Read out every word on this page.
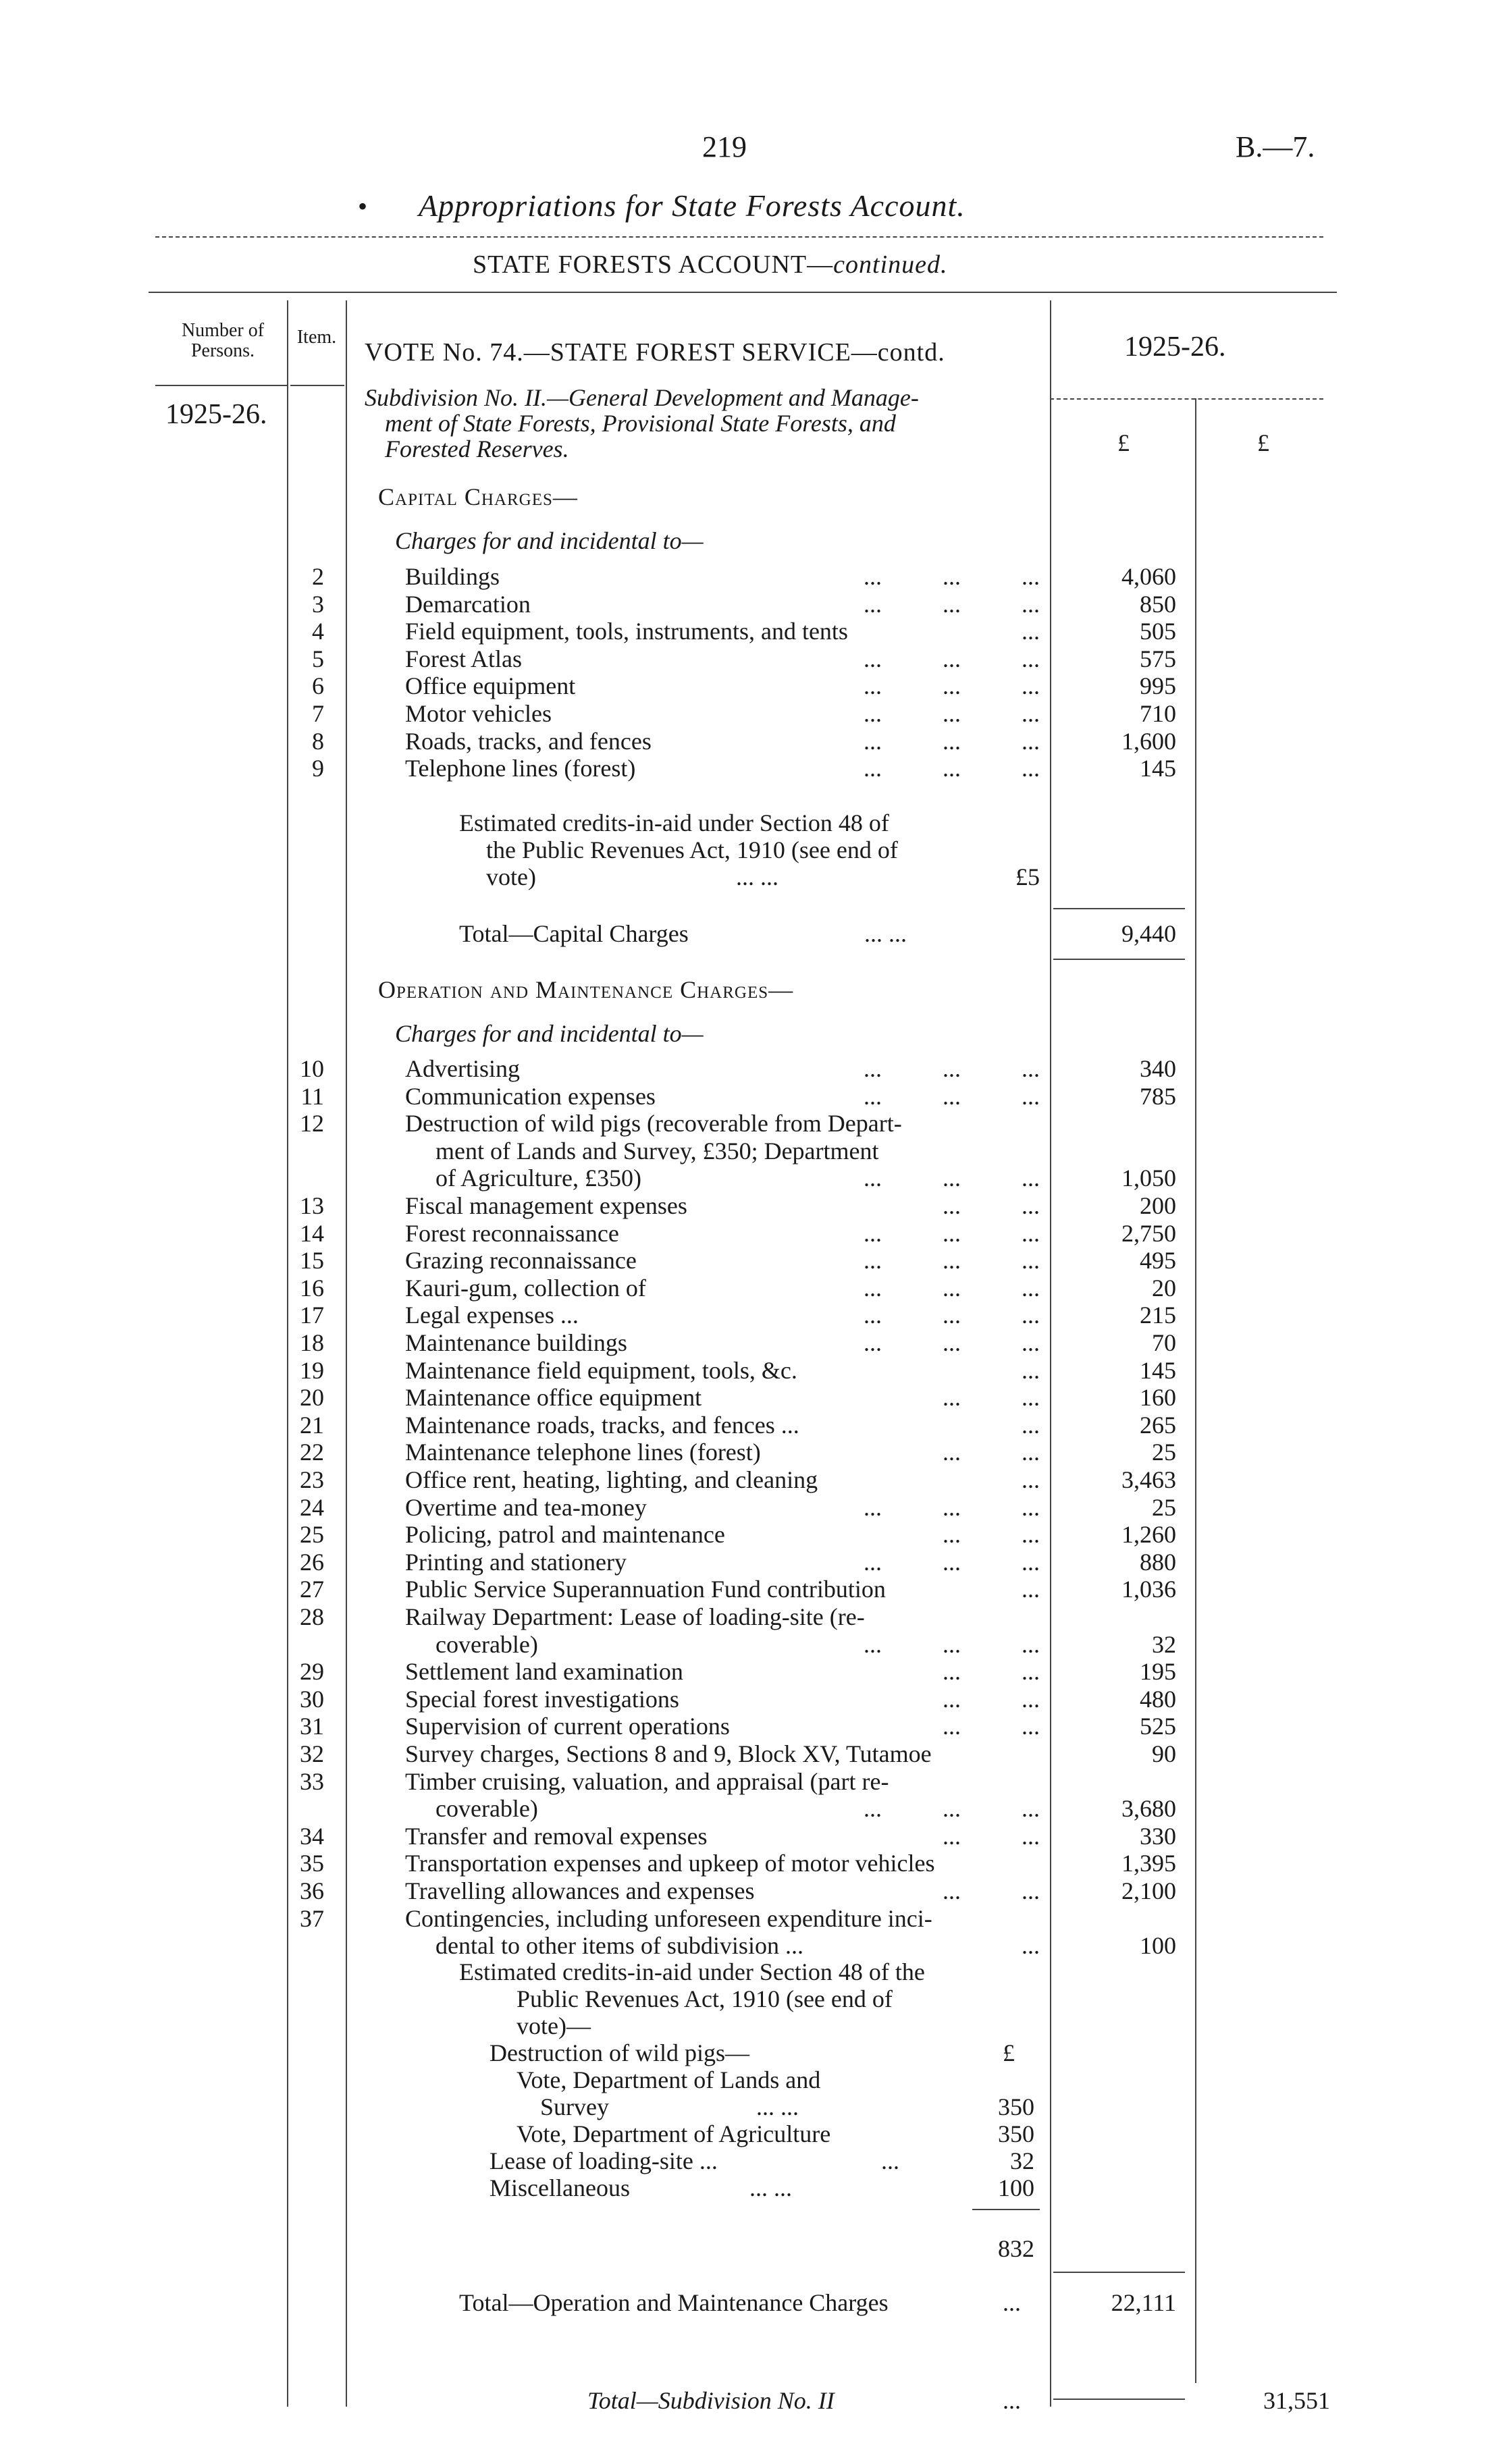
219	B.—7.
• Appropriations for State Forests Account.
STATE FORESTS ACCOUNT—continued.
Number of Persons.
Item.
1925-26.
VOTE No. 74.—STATE FOREST SERVICE—contd.	1925-26.
Subdivision No. II.—General Development and Manage-
ment of State Forests, Provisional State Forests, and
Forested Reserves.	£	£
Capital Charges—
Charges for and incidental to—
2	Buildings	...          ...          ...	4,060
3	Demarcation	...          ...          ...	850
4	Field equipment, tools, instruments, and tents	...	505
5	Forest Atlas	...          ...          ...	575
6	Office equipment	...          ...          ...	995
7	Motor vehicles	...          ...          ...	710
8	Roads, tracks, and fences	...          ...          ...	1,600
9	Telephone lines (forest)	...          ...          ...	145
Estimated credits-in-aid under Section 48 of
the Public Revenues Act, 1910 (see end of
vote)	... ...	£5
Total—Capital Charges	... ...	9,440
Operation and Maintenance Charges—
Charges for and incidental to—
10	Advertising	...          ...          ...	340
11	Communication expenses	...          ...          ...	785
12	Destruction of wild pigs (recoverable from Depart-
ment of Lands and Survey, £350; Department
of Agriculture, £350)	...          ...          ...	1,050
13	Fiscal management expenses	...          ...	200
14	Forest reconnaissance	...          ...          ...	2,750
15	Grazing reconnaissance	...          ...          ...	495
16	Kauri-gum, collection of	...          ...          ...	20
17	Legal expenses ...	...          ...          ...	215
18	Maintenance buildings	...          ...          ...	70
19	Maintenance field equipment, tools, &c.	...	145
20	Maintenance office equipment	...          ...	160
21	Maintenance roads, tracks, and fences ...	...	265
22	Maintenance telephone lines (forest)	...          ...	25
23	Office rent, heating, lighting, and cleaning	...	3,463
24	Overtime and tea-money	...          ...          ...	25
25	Policing, patrol and maintenance	...          ...	1,260
26	Printing and stationery	...          ...          ...	880
27	Public Service Superannuation Fund contribution	...	1,036
28	Railway Department: Lease of loading-site (re-
coverable)	...          ...          ...	32
29	Settlement land examination	...          ...	195
30	Special forest investigations	...          ...	480
31	Supervision of current operations	...          ...	525
32	Survey charges, Sections 8 and 9, Block XV, Tutamoe	90
33	Timber cruising, valuation, and appraisal (part re-
coverable)	...          ...          ...	3,680
34	Transfer and removal expenses	...          ...	330
35	Transportation expenses and upkeep of motor vehicles	1,395
36	Travelling allowances and expenses	...          ...	2,100
37	Contingencies, including unforeseen expenditure inci-
dental to other items of subdivision ...	...	100
Estimated credits-in-aid under Section 48 of the
Public Revenues Act, 1910 (see end of
vote)—
£
Destruction of wild pigs—
Vote, Department of Lands and
Survey	... ...	350
Vote, Department of Agriculture	350
Lease of loading-site ...	...	32
Miscellaneous	... ...	100
832
Total—Operation and Maintenance Charges	...	22,111
Total—Subdivision No. II	...	31,551
